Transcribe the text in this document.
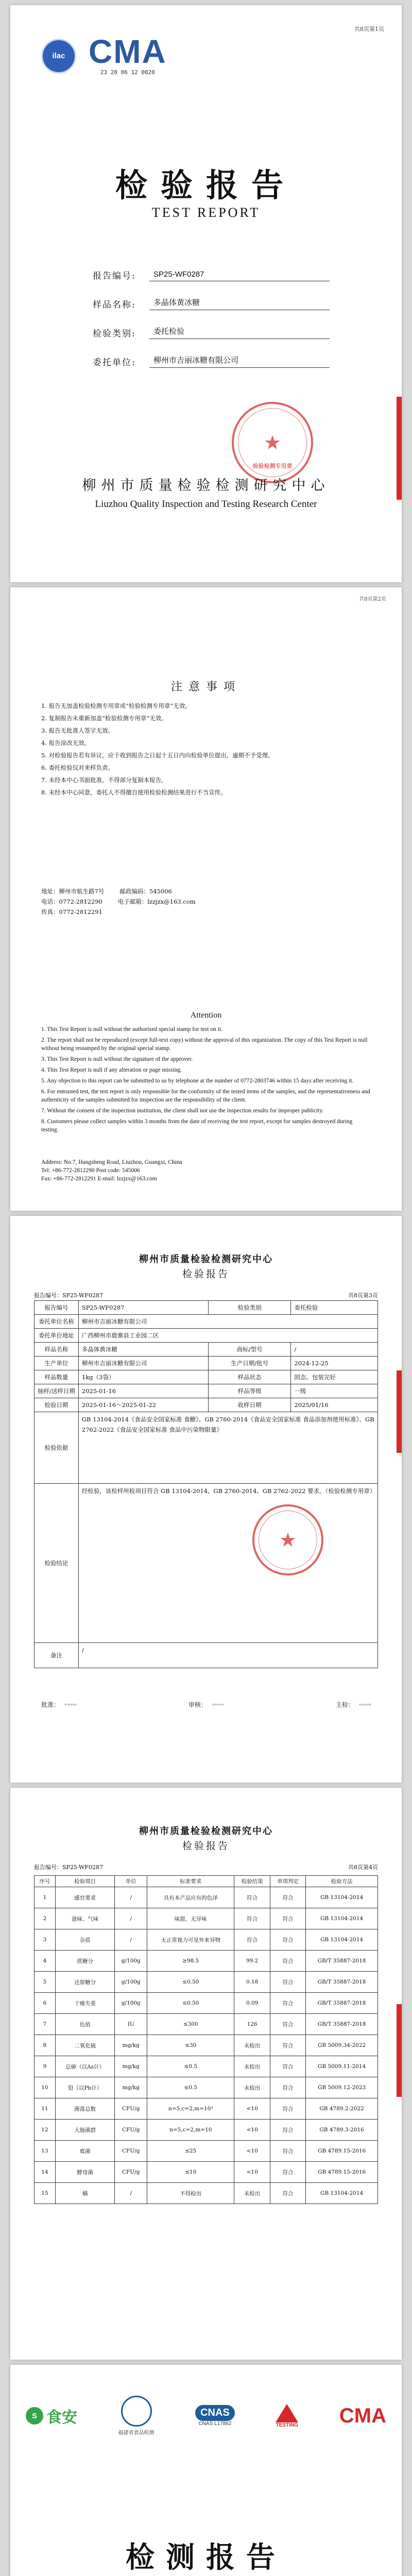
共8页第1页
ilac CMA
23 20 06 12 0020
检验报告
TEST REPORT
报告编号:	SP25-WF0287
样品名称:	多晶体黄冰糖
检验类别:	委托检验
委托单位:	柳州市吉丽冰糖有限公司
★
检验检测专用章
柳州市质量检验检测研究中心
Liuzhou Quality Inspection and Testing Research Center
共8页第2页
注意事项

1. 报告无加盖检验检测专用章或“检验检测专用章”无效。

2. 复制报告未重新加盖“检验检测专用章”无效。

3. 报告无批准人签字无效。

4. 报告涂改无效。

5. 对检验报告若有异议，应于收到报告之日起十五日内向检验单位提出，逾期不予受理。

6. 委托检验仅对来样负责。

7. 未经本中心书面批准，不得部分复制本报告。

8. 未经本中心同意，委托人不得擅自使用检验检测结果进行不当宣传。

地址：柳州市航生路7号	邮政编码：545006
电话：0772-2812290	电子邮箱：lzzjzx@163.com
传真：0772-2812291
Attention

1. This Test Report is null without the authorized special stamp for test on it.

2. The report shall not be reproduced (except full-text copy) without the approval of this organization. The copy of this Test Report is null without being restamped by the original special stamp.

3. This Test Report is null without the signature of the approver.

4. This Test Report is null if any alteration or page missing.

5. Any objection to this report can be submitted to us by telephone at the number of 0772-2803746 within 15 days after receiving it.

6. For entrusted test, the test report is only responsible for the conformity of the tested items of the samples, and the representativeness and authenticity of the samples submitted for inspection are the responsibility of the client.

7. Without the consent of the inspection institution, the client shall not use the inspection results for improper publicity.

8. Customers please collect samples within 3 months from the date of receiving the test report, except for samples destroyed during testing.

Address: No.7, Hangsheng Road, Liuzhou, Guangxi, China
Tel: +86-772-2812290 Post code: 545006
Fax: +86-772-2812291 E-mail: lzzjzx@163.com
柳州市质量检验检测研究中心
检验报告
报告编号：SP25-WF0287	共8页第3页
报告编号	SP25-WF0287	检验类别	委托检验
委托单位名称	柳州市吉丽冰糖有限公司		
委托单位地址	广西柳州市鹿寨县工业园二区		
样品名称	多晶体黄冰糖	商标/型号	/
生产单位	柳州市吉丽冰糖有限公司	生产日期/批号	2024-12-25
样品数量	1kg（3袋）	样品状态	固态、包装完好
抽样/送样日期	2025-01-16	样品等级	一级
检验日期	2025-01-16～2025-01-22	收样日期	2025/01/16
检验依据	GB 13104-2014《食品安全国家标准 食糖》、GB 2760-2014《食品安全国家标准 食品添加剂使用标准》、GB 2762-2022《食品安全国家标准 食品中污染物限量》		
检验结论	经检验，该检样所检项目符合 GB 13104-2014、GB 2760-2014、GB 2762-2022 要求。（检验检测专用章）		
备注	/		
★
批准： 〰〰	审核： 〰〰	主检： 〰〰
柳州市质量检验检测研究中心
检验报告
报告编号：SP25-WF0287	共8页第4页
序号	检验项目	单位	标准要求	检验结果	单项判定	检验方法
1	感官要求	/	具有本产品应有的色泽	符合	符合	GB 13104-2014
2	滋味、气味	/	味甜，无异味	符合	符合	GB 13104-2014
3	杂质	/	无正常视力可见外来异物	符合	符合	GB 13104-2014
4	蔗糖分	g/100g	≥98.5	99.2	符合	GB/T 35887-2018
5	还原糖分	g/100g	≤0.50	0.18	符合	GB/T 35887-2018
6	干燥失重	g/100g	≤0.50	0.09	符合	GB/T 35887-2018
7	色值	IU	≤300	126	符合	GB/T 35887-2018
8	二氧化硫	mg/kg	≤30	未检出	符合	GB 5009.34-2022
9	总砷（以As计）	mg/kg	≤0.5	未检出	符合	GB 5009.11-2014
10	铅（以Pb计）	mg/kg	≤0.5	未检出	符合	GB 5009.12-2023
11	菌落总数	CFU/g	n=5,c=2,m=10³	<10	符合	GB 4789.2-2022
12	大肠菌群	CFU/g	n=5,c=2,m=10	<10	符合	GB 4789.3-2016
13	霉菌	CFU/g	≤25	<10	符合	GB 4789.15-2016
14	酵母菌	CFU/g	≤10	<10	符合	GB 4789.15-2016
15	螨	/	不得检出	未检出	符合	GB 13104-2014
S 食安
福建省食品检测
CNAS
CNAS L17862	TESTING CMA
检测报告
